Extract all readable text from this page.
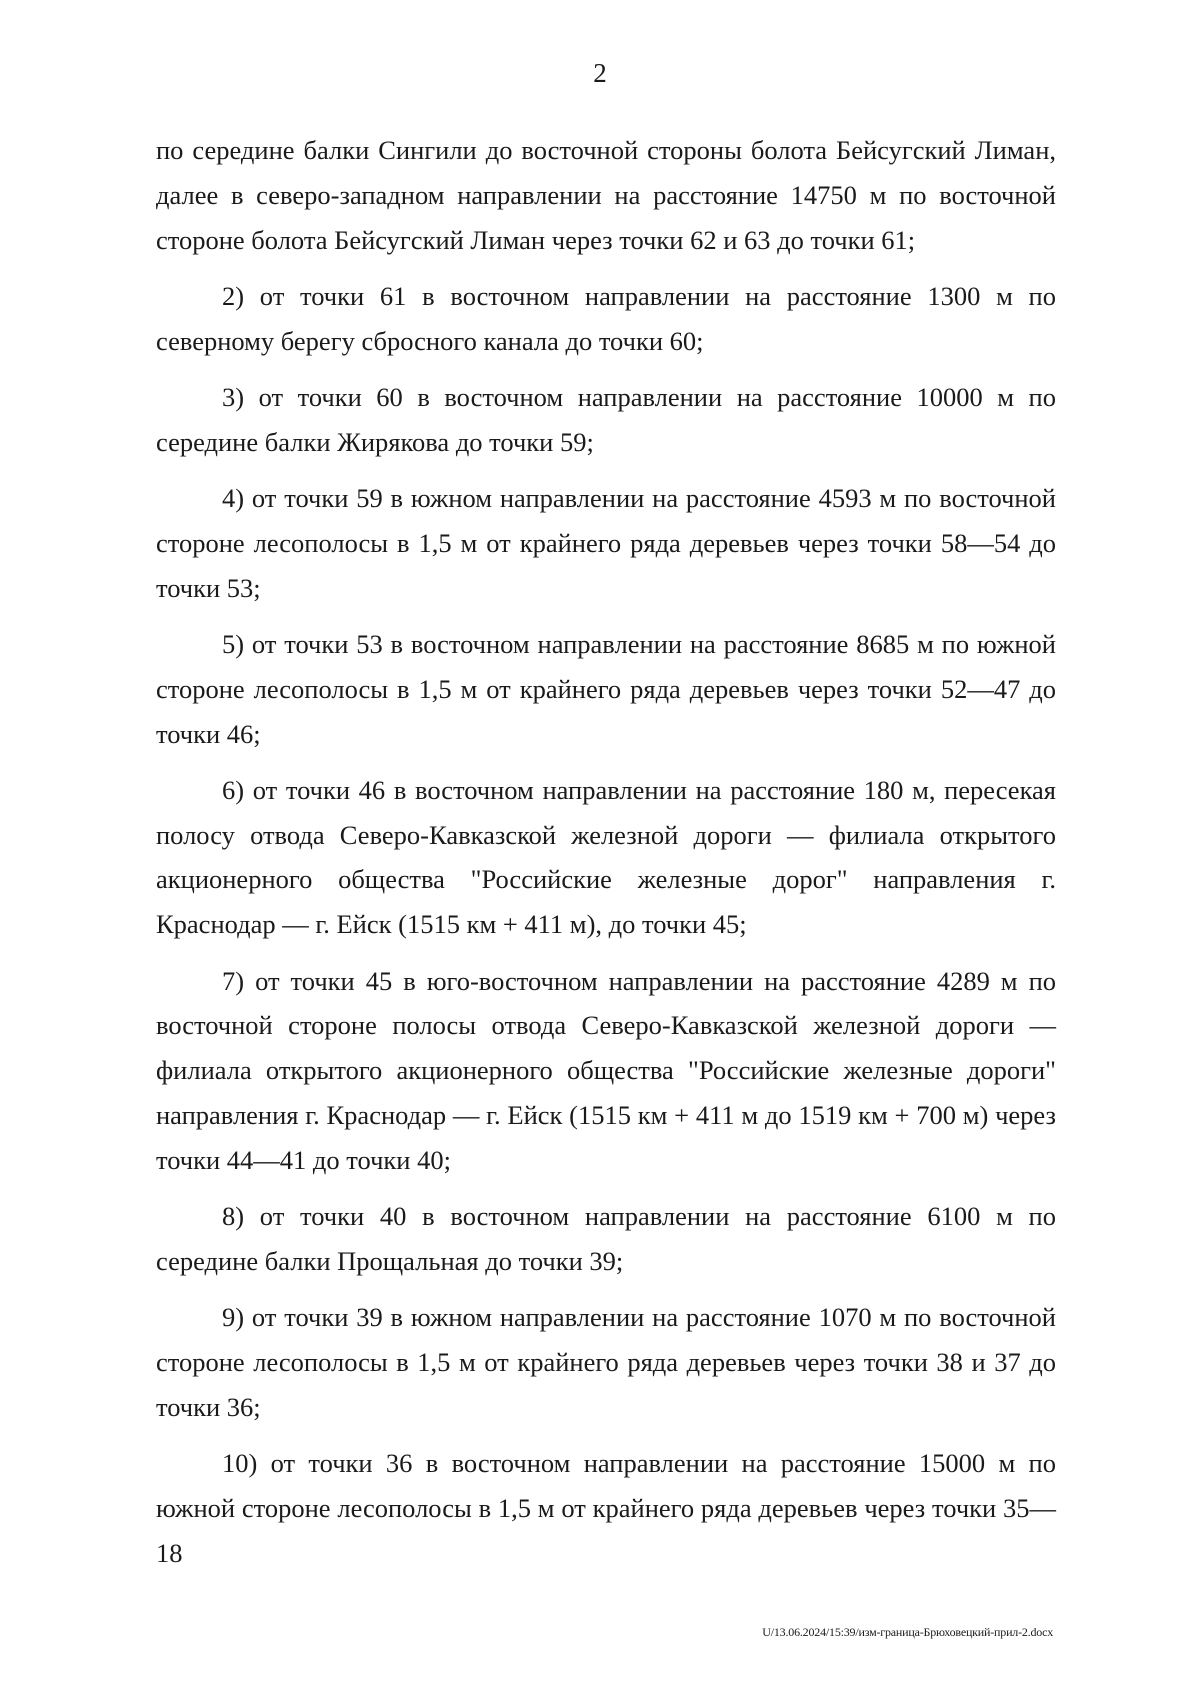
2

по середине балки Сингили до восточной стороны болота Бейсугский Лиман, далее в северо-западном направлении на расстояние 14750 м по восточной стороне болота Бейсугский Лиман через точки 62 и 63 до точки 61;

2) от точки 61 в восточном направлении на расстояние 1300 м по северному берегу сбросного канала до точки 60;

3) от точки 60 в восточном направлении на расстояние 10000 м по середине балки Жирякова до точки 59;

4) от точки 59 в южном направлении на расстояние 4593 м по восточной стороне лесополосы в 1,5 м от крайнего ряда деревьев через точки 58—54 до точки 53;

5) от точки 53 в восточном направлении на расстояние 8685 м по южной стороне лесополосы в 1,5 м от крайнего ряда деревьев через точки 52—47 до точки 46;

6) от точки 46 в восточном направлении на расстояние 180 м, пересекая полосу отвода Северо-Кавказской железной дороги — филиала открытого акционерного общества "Российские железные дорог" направления г. Краснодар — г. Ейск (1515 км + 411 м), до точки 45;

7) от точки 45 в юго-восточном направлении на расстояние 4289 м по восточной стороне полосы отвода Северо-Кавказской железной дороги — филиала открытого акционерного общества "Российские железные дороги" направления г. Краснодар — г. Ейск (1515 км + 411 м до 1519 км + 700 м) через точки 44—41 до точки 40;

8) от точки 40 в восточном направлении на расстояние 6100 м по середине балки Прощальная до точки 39;

9) от точки 39 в южном направлении на расстояние 1070 м по восточной стороне лесополосы в 1,5 м от крайнего ряда деревьев через точки 38 и 37 до точки 36;

10) от точки 36 в восточном направлении на расстояние 15000 м по южной стороне лесополосы в 1,5 м от крайнего ряда деревьев через точки 35—18

U/13.06.2024/15:39/изм-граница-Брюховецкий-прил-2.docx
